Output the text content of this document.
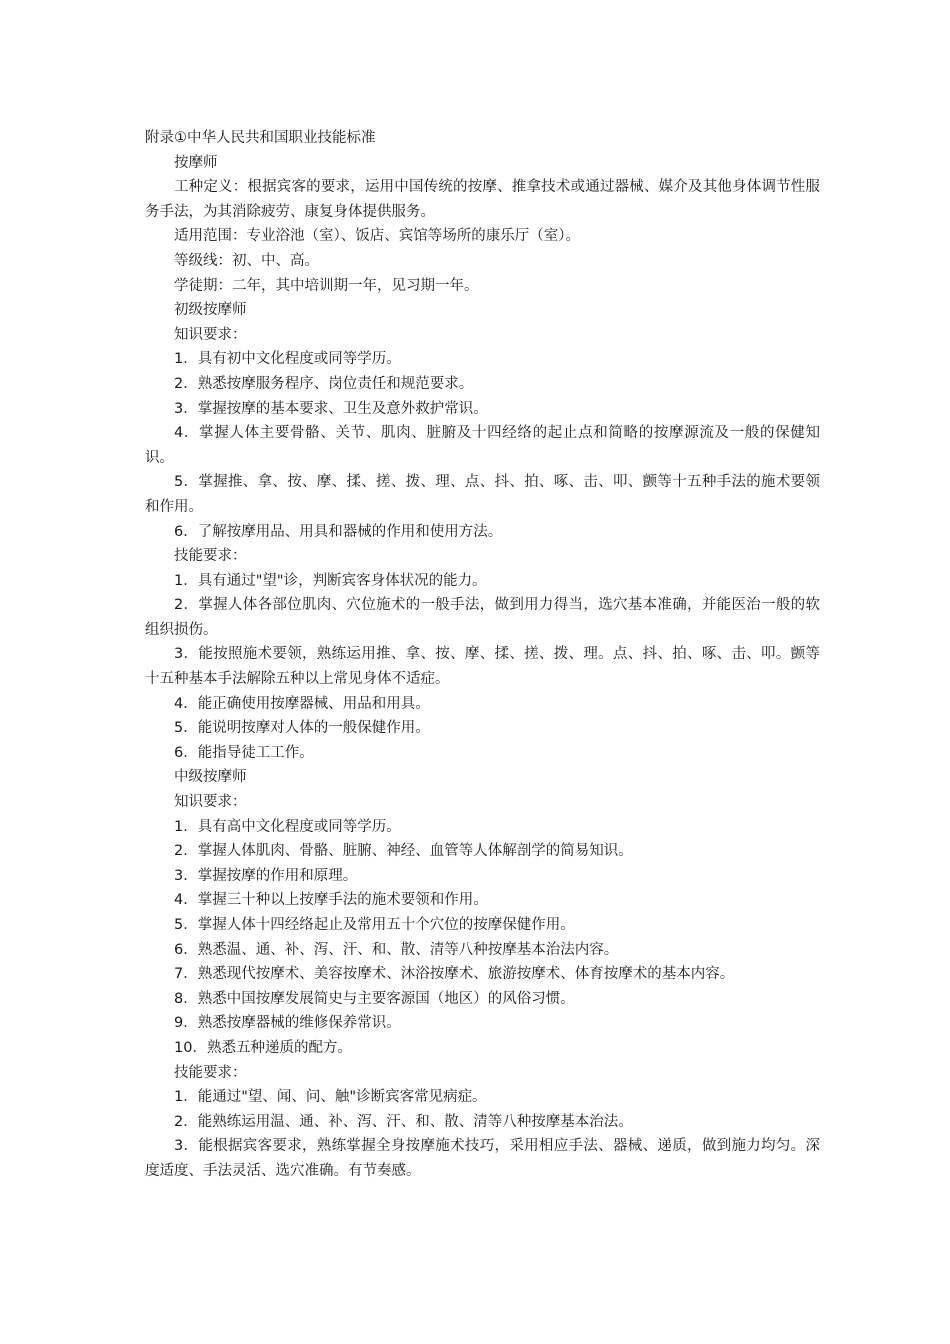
附录①中华人民共和国职业技能标准

按摩师

工种定义：根据宾客的要求，运用中国传统的按摩、推拿技术或通过器械、媒介及其他身体调节性服务手法，为其消除疲劳、康复身体提供服务。

适用范围：专业浴池（室）、饭店、宾馆等场所的康乐厅（室）。

等级线：初、中、高。

学徒期：二年，其中培训期一年，见习期一年。

初级按摩师

知识要求：

1．具有初中文化程度或同等学历。

2．熟悉按摩服务程序、岗位责任和规范要求。

3．掌握按摩的基本要求、卫生及意外救护常识。

4．掌握人体主要骨骼、关节、肌肉、脏腑及十四经络的起止点和简略的按摩源流及一般的保健知识。

5．掌握推、拿、按、摩、揉、搓、拨、理、点、抖、拍、啄、击、叩、颤等十五种手法的施术要领和作用。

6．了解按摩用品、用具和器械的作用和使用方法。

技能要求：

1．具有通过"望"诊，判断宾客身体状况的能力。

2．掌握人体各部位肌肉、穴位施术的一般手法，做到用力得当，选穴基本准确，并能医治一般的软组织损伤。

3．能按照施术要领，熟练运用推、拿、按、摩、揉、搓、拨、理。点、抖、拍、啄、击、叩。颤等十五种基本手法解除五种以上常见身体不适症。

4．能正确使用按摩器械、用品和用具。

5．能说明按摩对人体的一般保健作用。

6．能指导徒工工作。

中级按摩师

知识要求：

1．具有高中文化程度或同等学历。

2．掌握人体肌肉、骨骼、脏腑、神经、血管等人体解剖学的简易知识。

3．掌握按摩的作用和原理。

4．掌握三十种以上按摩手法的施术要领和作用。

5．掌握人体十四经络起止及常用五十个穴位的按摩保健作用。

6．熟悉温、通、补、泻、汗、和、散、清等八种按摩基本治法内容。

7．熟悉现代按摩术、美容按摩术、沐浴按摩术、旅游按摩术、体育按摩术的基本内容。

8．熟悉中国按摩发展简史与主要客源国（地区）的风俗习惯。

9．熟悉按摩器械的维修保养常识。

10．熟悉五种递质的配方。

技能要求：

1．能通过"望、闻、问、触"诊断宾客常见病症。

2．能熟练运用温、通、补、泻、汗、和、散、清等八种按摩基本治法。

3．能根据宾客要求，熟练掌握全身按摩施术技巧，采用相应手法、器械、递质，做到施力均匀。深度适度、手法灵活、选穴准确。有节奏感。
